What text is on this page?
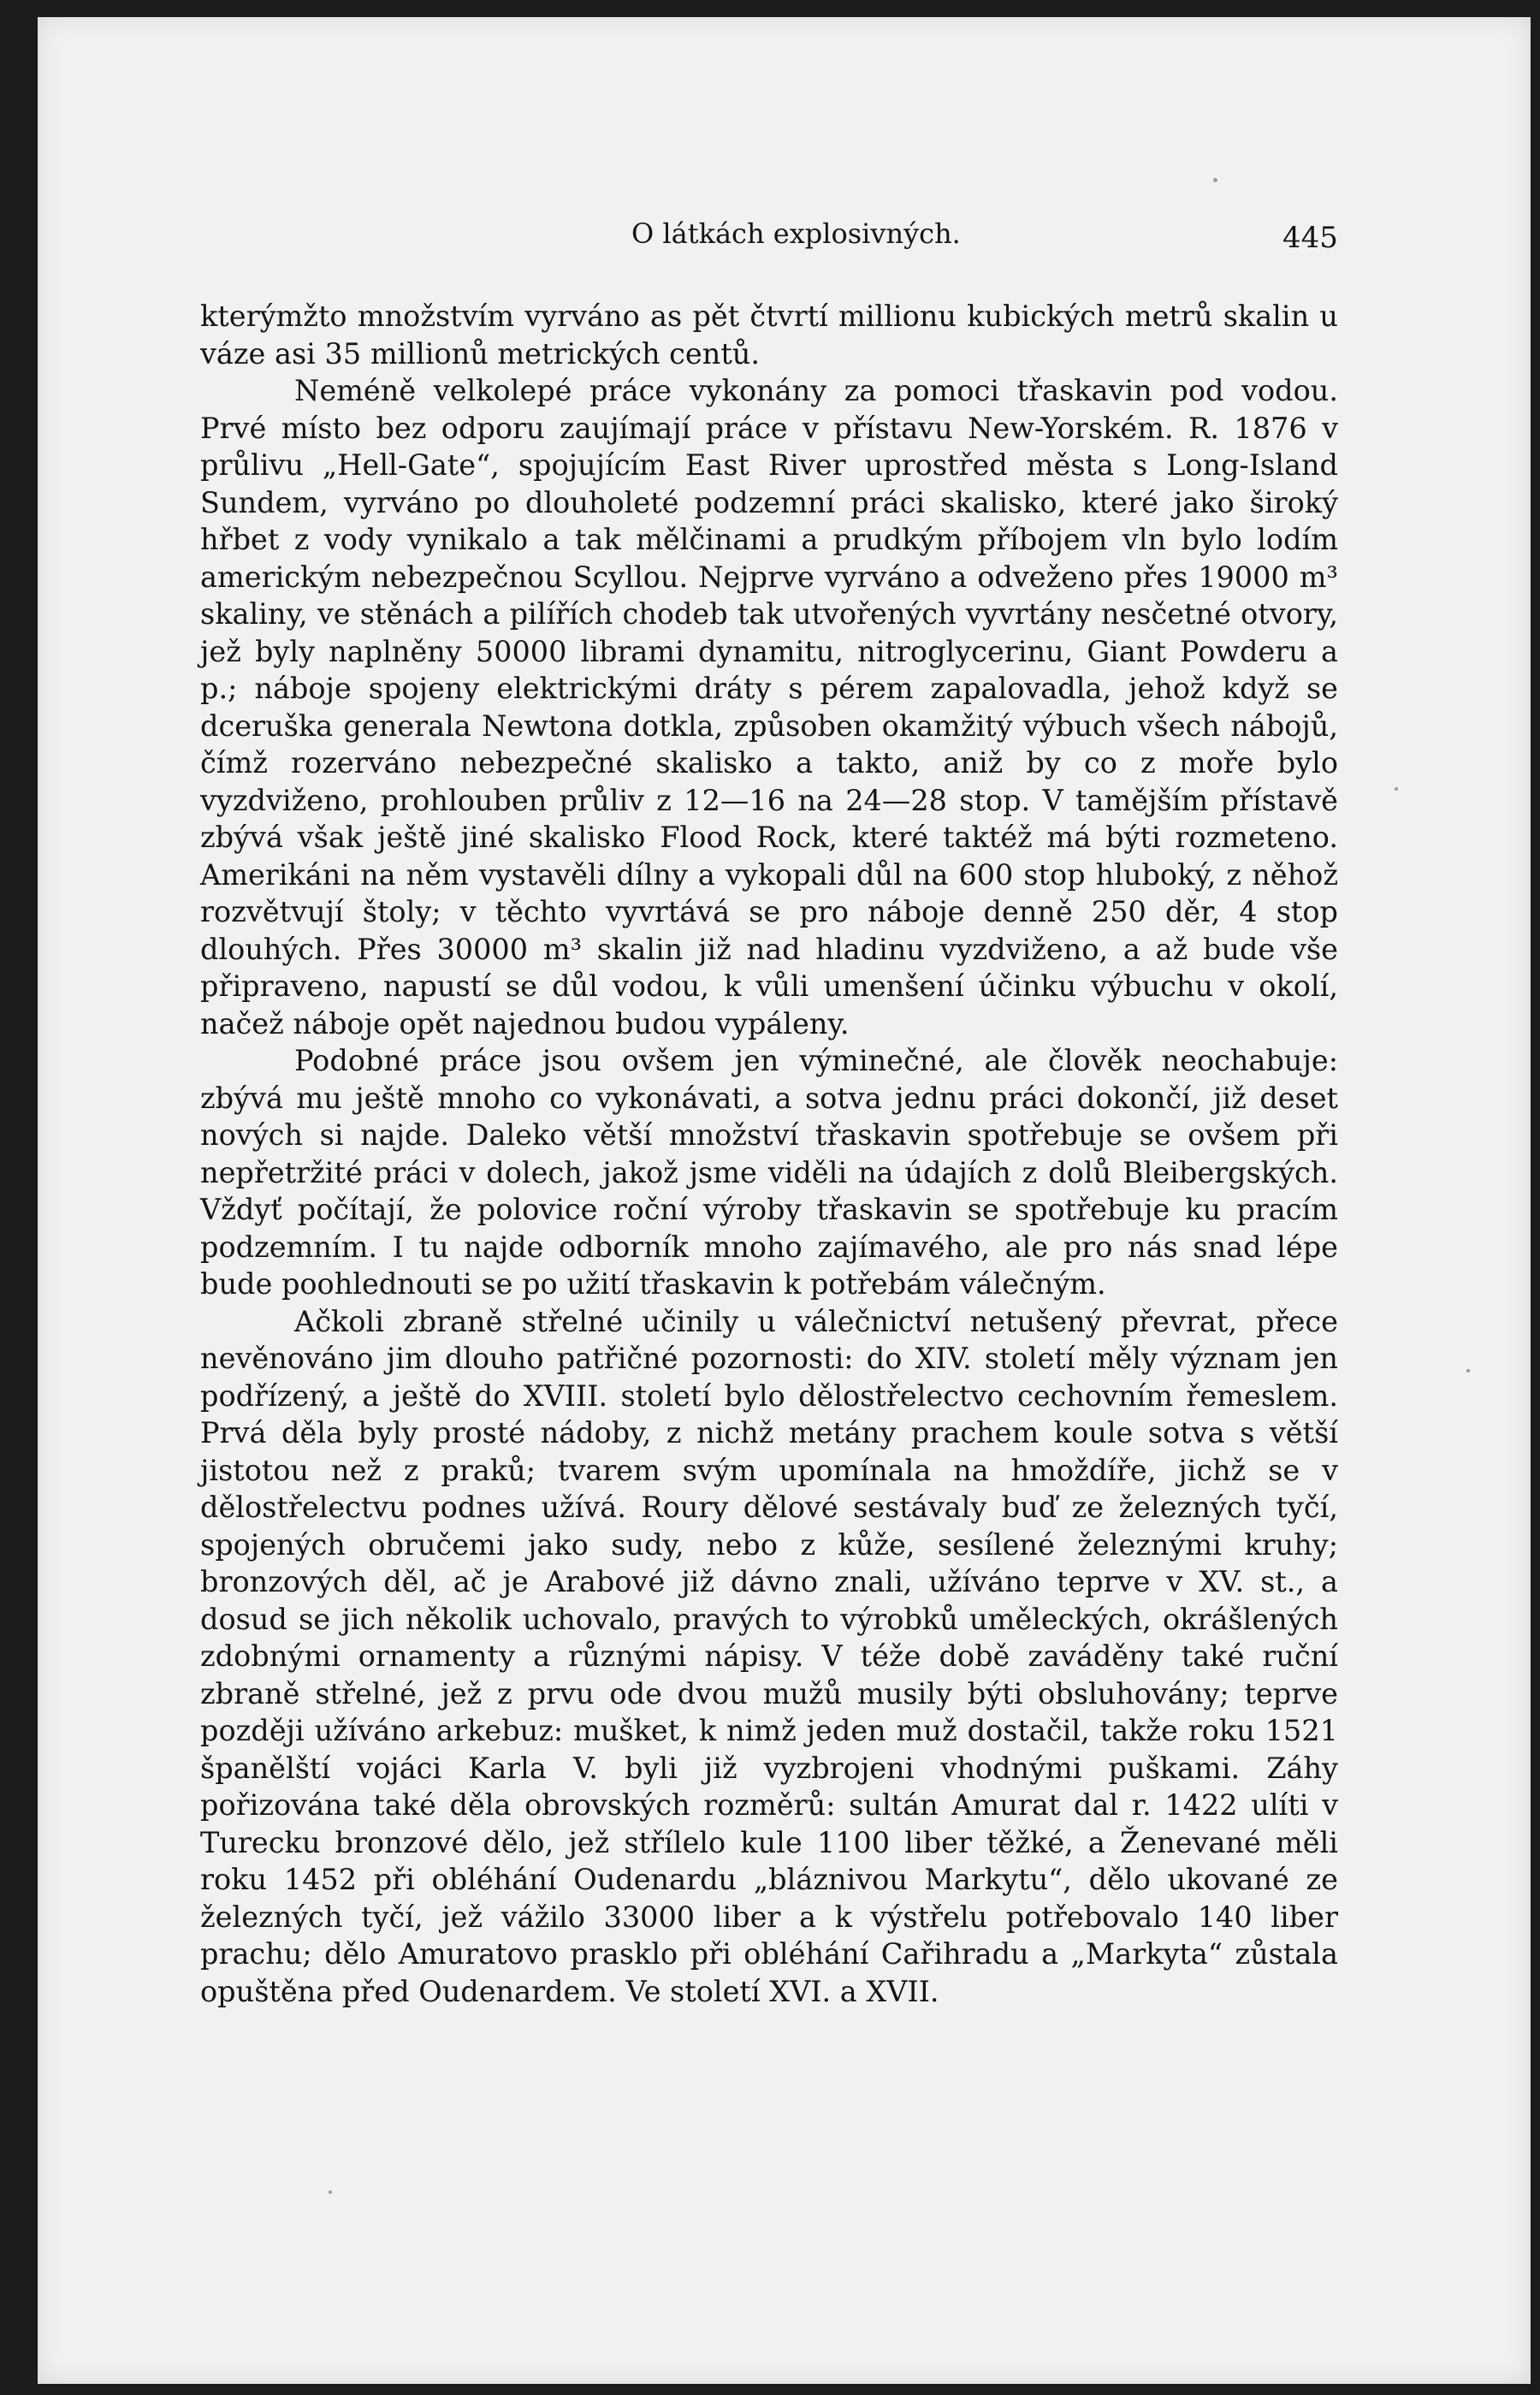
O látkách explosivných.	445

kterýmžto množstvím vyrváno as pět čtvrtí millionu kubických metrů skalin u váze asi 35 millionů metrických centů.

Neméně velkolepé práce vykonány za pomoci třaskavin pod vodou. Prvé místo bez odporu zaujímají práce v přístavu New-Yorském. R. 1876 v průlivu „Hell-Gate“, spojujícím East River uprostřed města s Long-Island Sundem, vyrváno po dlouholeté podzemní práci skalisko, které jako široký hřbet z vody vynikalo a tak mělčinami a prudkým příbojem vln bylo lodím americkým nebezpečnou Scyllou. Nejprve vyrváno a odveženo přes 19000 m³ skaliny, ve stěnách a pilířích chodeb tak utvořených vyvrtány nesčetné otvory, jež byly naplněny 50000 librami dynamitu, nitroglycerinu, Giant Powderu a p.; náboje spojeny elektrickými dráty s pérem zapalovadla, jehož když se dceruška generala Newtona dotkla, způsoben okamžitý výbuch všech nábojů, čímž rozerváno nebezpečné skalisko a takto, aniž by co z moře bylo vyzdviženo, prohlouben průliv z 12—16 na 24—28 stop. V tamějším přístavě zbývá však ještě jiné skalisko Flood Rock, které taktéž má býti rozmeteno. Amerikáni na něm vystavěli dílny a vykopali důl na 600 stop hluboký, z něhož rozvětvují štoly; v těchto vyvrtává se pro náboje denně 250 děr, 4 stop dlouhých. Přes 30000 m³ skalin již nad hladinu vyzdviženo, a až bude vše připraveno, napustí se důl vodou, k vůli umenšení účinku výbuchu v okolí, načež náboje opět najednou budou vypáleny.

Podobné práce jsou ovšem jen výminečné, ale člověk neochabuje: zbývá mu ještě mnoho co vykonávati, a sotva jednu práci dokončí, již deset nových si najde. Daleko větší množství třaskavin spotřebuje se ovšem při nepřetržité práci v dolech, jakož jsme viděli na údajích z dolů Bleibergských. Vždyť počítají, že polovice roční výroby třaskavin se spotřebuje ku pracím podzemním. I tu najde odborník mnoho zajímavého, ale pro nás snad lépe bude poohlednouti se po užití třaskavin k potřebám válečným.

Ačkoli zbraně střelné učinily u válečnictví netušený převrat, přece nevěnováno jim dlouho patřičné pozornosti: do XIV. století měly význam jen podřízený, a ještě do XVIII. století bylo dělostřelectvo cechovním řemeslem. Prvá děla byly prosté nádoby, z nichž metány prachem koule sotva s větší jistotou než z praků; tvarem svým upomínala na hmoždíře, jichž se v dělostřelectvu podnes užívá. Roury dělové sestávaly buď ze železných tyčí, spojených obručemi jako sudy, nebo z kůže, sesílené železnými kruhy; bronzových děl, ač je Arabové již dávno znali, užíváno teprve v XV. st., a dosud se jich několik uchovalo, pravých to výrobků uměleckých, okrášlených zdobnými ornamenty a různými nápisy. V téže době zaváděny také ruční zbraně střelné, jež z prvu ode dvou mužů musily býti obsluhovány; teprve později užíváno arkebuz: mušket, k nimž jeden muž dostačil, takže roku 1521 španělští vojáci Karla V. byli již vyzbrojeni vhodnými puškami. Záhy pořizována také děla obrovských rozměrů: sultán Amurat dal r. 1422 ulíti v Turecku bronzové dělo, jež střílelo kule 1100 liber těžké, a Ženevané měli roku 1452 při obléhání Oudenardu „bláznivou Markytu“, dělo ukované ze železných tyčí, jež vážilo 33000 liber a k výstřelu potřebovalo 140 liber prachu; dělo Amuratovo prasklo při obléhání Cařihradu a „Markyta“ zůstala opuštěna před Oudenardem. Ve století XVI. a XVII.
